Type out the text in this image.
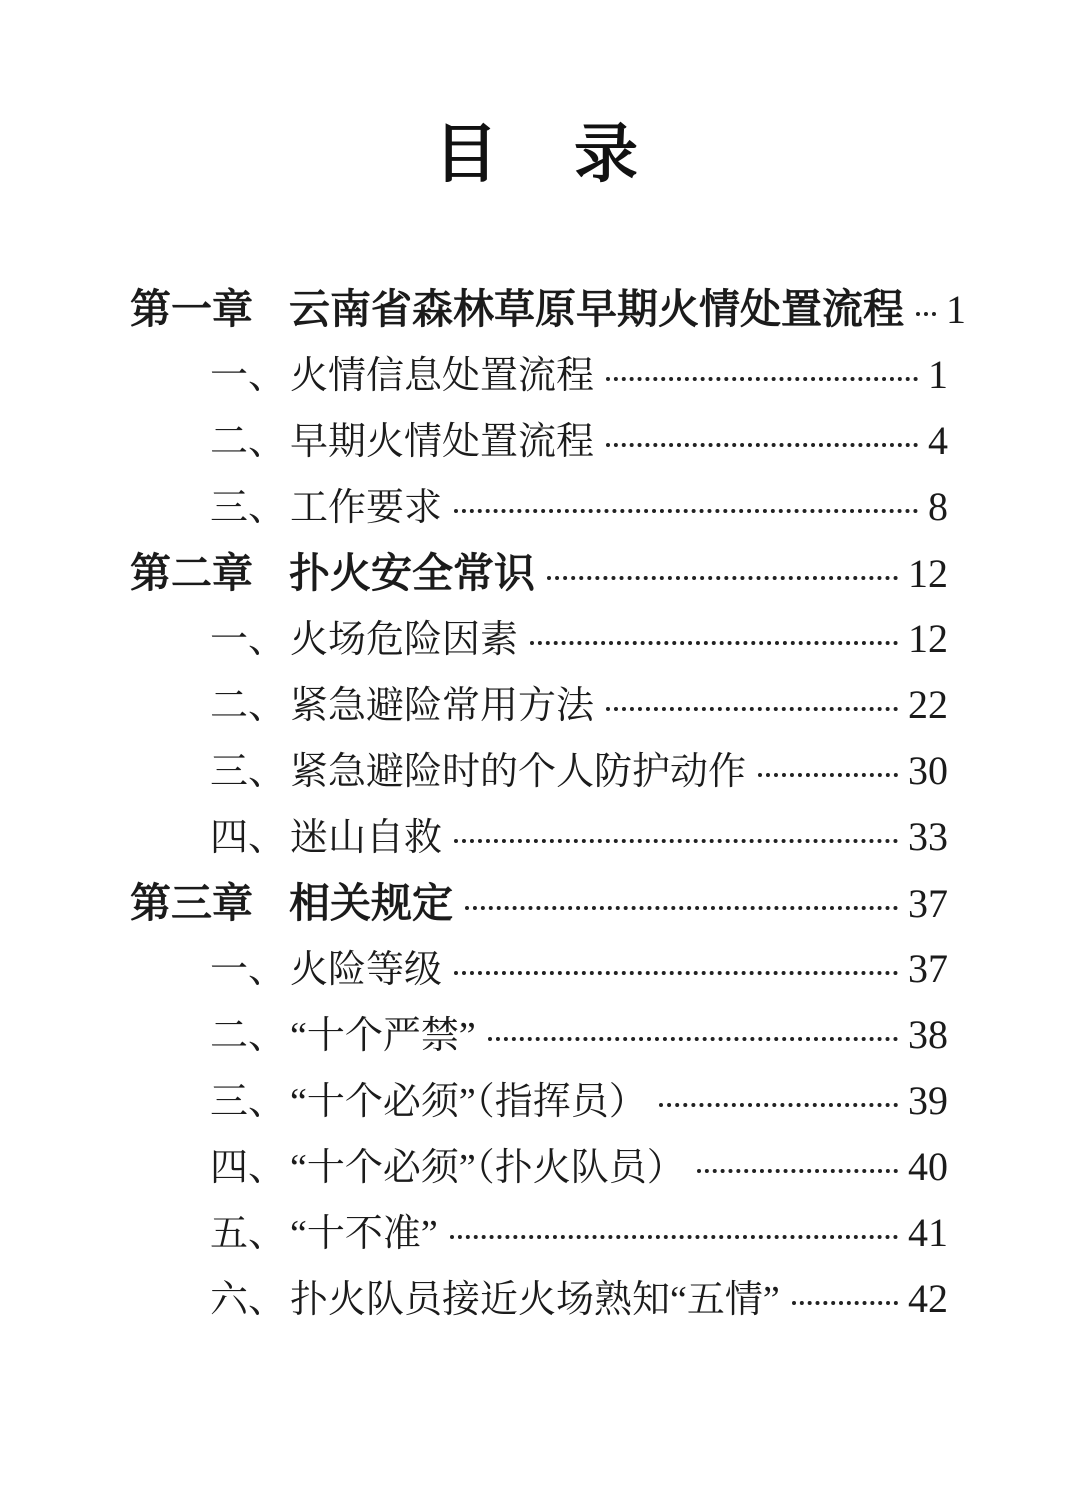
目　录
第一章 云南省森林草原早期火情处置流程 1
一、 火情信息处置流程	1
二、 早期火情处置流程	4
三、 工作要求	8
第二章 扑火安全常识	12
一、 火场危险因素	12
二、 紧急避险常用方法	22
三、 紧急避险时的个人防护动作	30
四、 迷山自救	33
第三章 相关规定	37
一、 火险等级	37
二、 “十个严禁”	38
三、 “十个必须”（指挥员）	39
四、 “十个必须”（扑火队员）	40
五、 “十不准”	41
六、 扑火队员接近火场熟知“五情”	42
